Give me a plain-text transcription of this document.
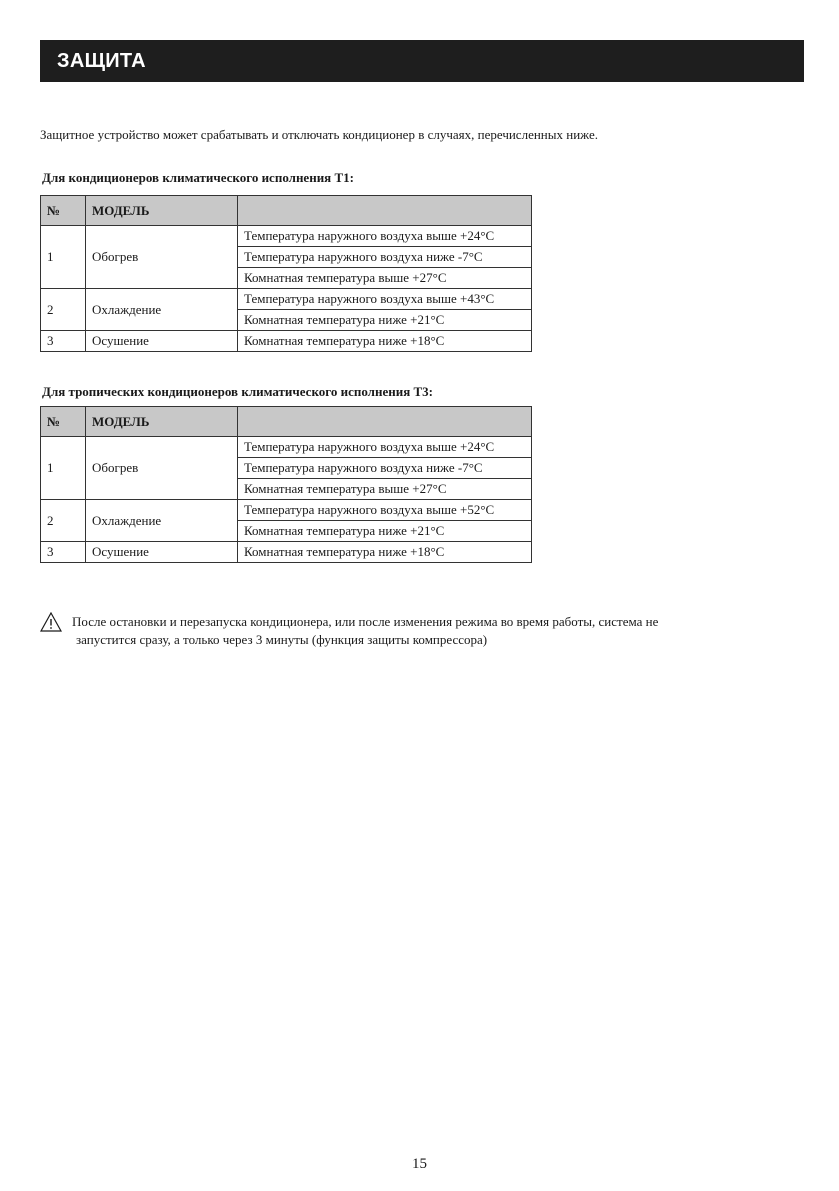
ЗАЩИТА
Защитное устройство может срабатывать и отключать кондиционер в случаях, перечисленных ниже.
Для кондиционеров климатического исполнения Т1:
№	МОДЕЛЬ	
1	Обогрев	Температура наружного воздуха выше +24°С
		Температура наружного воздуха ниже -7°С
		Комнатная температура выше +27°С
2	Охлаждение	Температура наружного воздуха выше +43°С
		Комнатная температура ниже +21°С
3	Осушение	Комнатная температура ниже +18°С
Для тропических кондиционеров климатического исполнения Т3:
№	МОДЕЛЬ	
1	Обогрев	Температура наружного воздуха выше +24°С
		Температура наружного воздуха ниже -7°С
		Комнатная температура выше +27°С
2	Охлаждение	Температура наружного воздуха выше +52°С
		Комнатная температура ниже +21°С
3	Осушение	Комнатная температура ниже +18°С
После остановки и перезапуска кондиционера, или после изменения режима во время работы, система не
запустится сразу, а только через 3 минуты (функция защиты компрессора)
15
